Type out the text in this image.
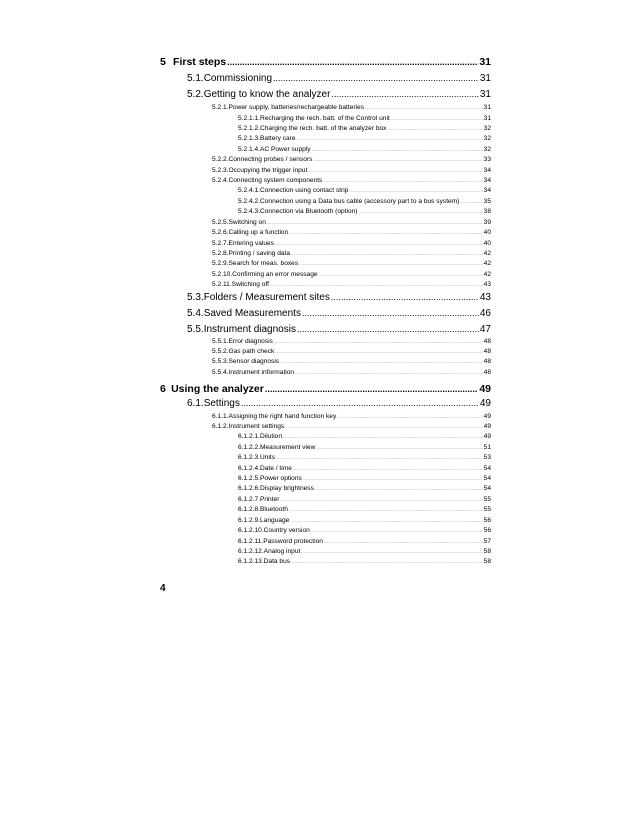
5 First steps .....	31
5.1. Commissioning .....	31
5.2. Getting to know the analyzer .....	31
5.2.1. Power supply, batteries/rechargeable batteries .....	31
5.2.1.1. Recharging the rech. batt. of the Control unit .....	31
5.2.1.2. Charging the rech. batt. of the analyzer box .....	32
5.2.1.3. Battery care .....	32
5.2.1.4. AC Power supply .....	32
5.2.2. Connecting probes / sensors .....	33
5.2.3. Occupying the trigger input .....	34
5.2.4. Connecting system components .....	34
5.2.4.1. Connection using contact strip .....	34
5.2.4.2. Connection using a Data bus cable (accessory part to a bus system) .....	35
5.2.4.3. Connection via Bluetooth (option) .....	38
5.2.5. Switching on .....	39
5.2.6. Calling up a function .....	40
5.2.7. Entering values .....	40
5.2.8. Printing / saving data .....	42
5.2.9. Search for meas. boxes .....	42
5.2.10. Confirming an error message .....	42
5.2.11. Switching off .....	43
5.3. Folders / Measurement sites .....	43
5.4. Saved Measurements .....	46
5.5. Instrument diagnosis .....	47
5.5.1. Error diagnosis .....	48
5.5.2. Gas path check .....	48
5.5.3. Sensor diagnosis .....	48
5.5.4. Instrument information .....	48
6 Using the analyzer .....	49
6.1. Settings .....	49
6.1.1. Assigning the right hand function key .....	49
6.1.2. Instrument settings .....	49
6.1.2.1. Dilution .....	49
6.1.2.2. Measurement view .....	51
6.1.2.3. Units .....	53
6.1.2.4. Date / time .....	54
6.1.2.5. Power options .....	54
6.1.2.6. Display brightness .....	54
6.1.2.7. Printer .....	55
6.1.2.8. Bluetooth .....	55
6.1.2.9. Language .....	56
6.1.2.10. Country version .....	56
6.1.2.11. Password protection .....	57
6.1.2.12. Analog input .....	58
6.1.2.13. Data bus .....	58
4
